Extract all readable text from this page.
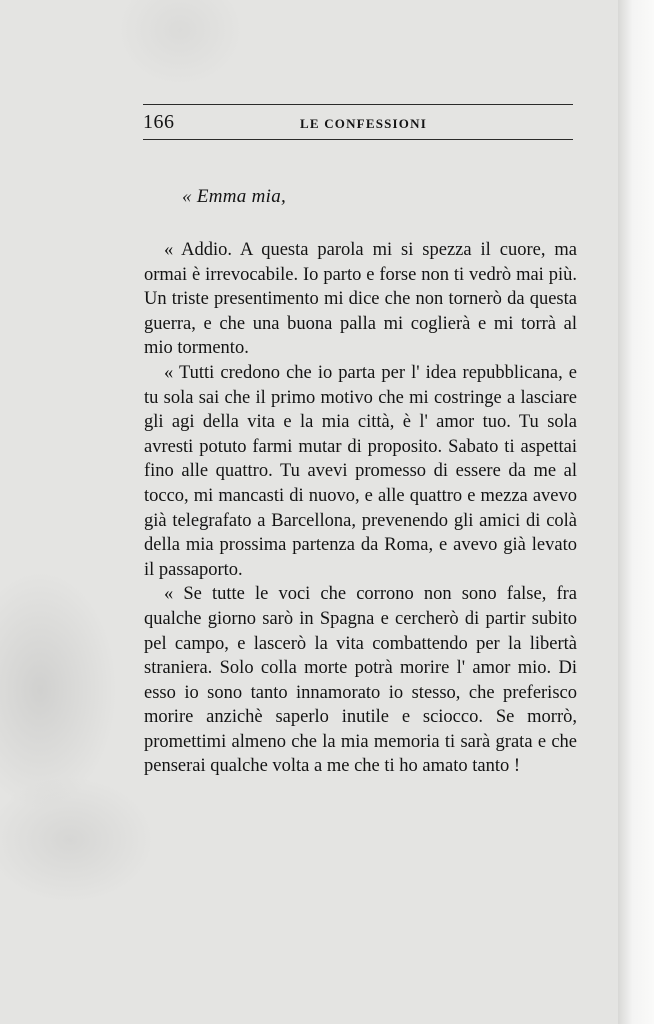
166	LE CONFESSIONI
« Emma mia,

« Addio. A questa parola mi si spezza il cuore, ma ormai è irrevocabile. Io parto e forse non ti vedrò mai più. Un triste presentimento mi dice che non tornerò da questa guerra, e che una buona palla mi coglierà e mi torrà al mio tormento.

« Tutti credono che io parta per l' idea repubblicana, e tu sola sai che il primo motivo che mi costringe a lasciare gli agi della vita e la mia città, è l' amor tuo. Tu sola avresti potuto farmi mutar di proposito. Sabato ti aspettai fino alle quattro. Tu avevi promesso di essere da me al tocco, mi mancasti di nuovo, e alle quattro e mezza avevo già telegrafato a Barcellona, prevenendo gli amici di colà della mia prossima partenza da Roma, e avevo già levato il passaporto.

« Se tutte le voci che corrono non sono false, fra qualche giorno sarò in Spagna e cercherò di partir subito pel campo, e lascerò la vita combattendo per la libertà straniera. Solo colla morte potrà morire l' amor mio. Di esso io sono tanto innamorato io stesso, che preferisco morire anzichè saperlo inutile e sciocco. Se morrò, promettimi almeno che la mia memoria ti sarà grata e che penserai qualche volta a me che ti ho amato tanto !
